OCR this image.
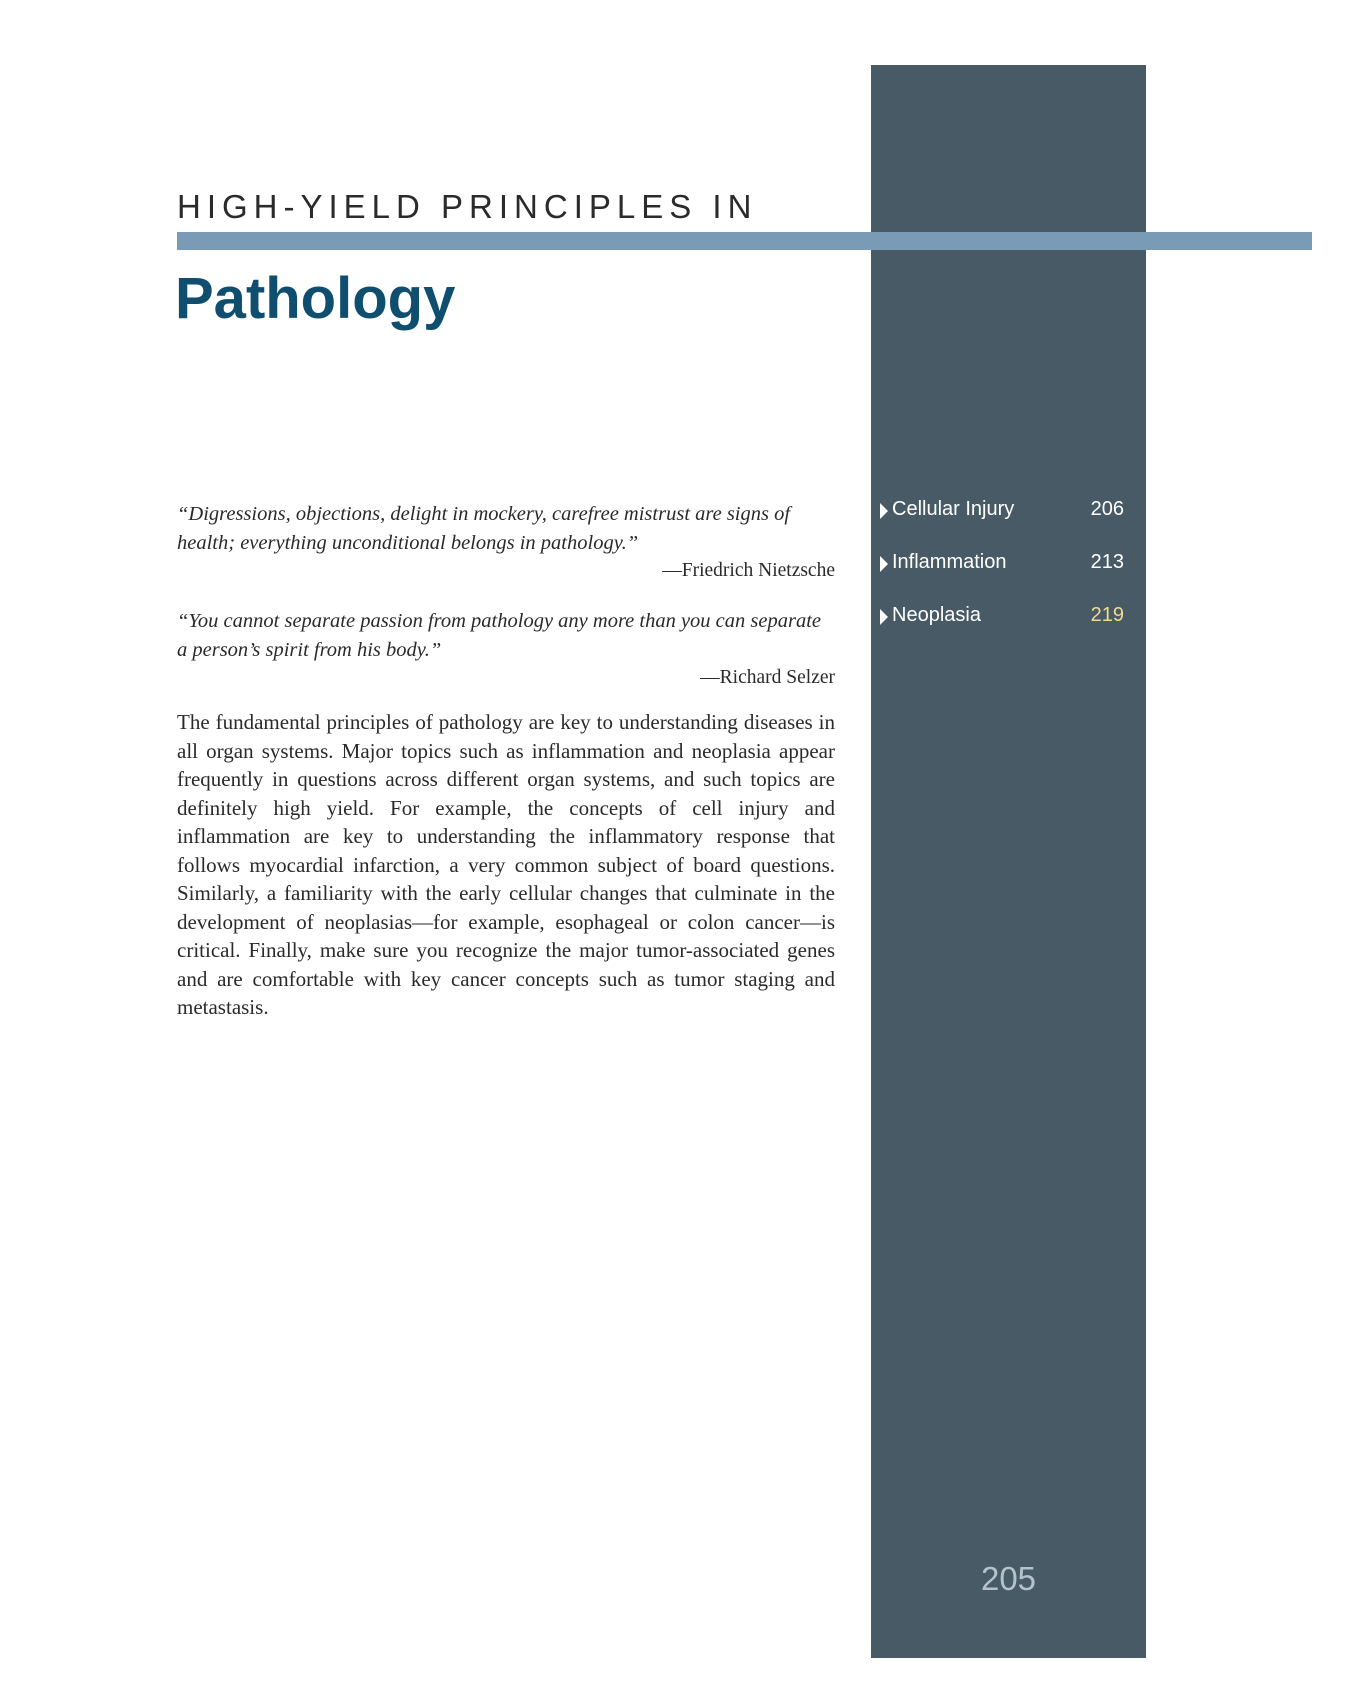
HIGH-YIELD PRINCIPLES IN
Pathology
“Digressions, objections, delight in mockery, carefree mistrust are signs of health; everything unconditional belongs in pathology.”
—Friedrich Nietzsche
“You cannot separate passion from pathology any more than you can separate a person’s spirit from his body.”
—Richard Selzer
The fundamental principles of pathology are key to understanding diseases in all organ systems. Major topics such as inflammation and neoplasia appear frequently in questions across different organ systems, and such topics are definitely high yield. For example, the concepts of cell injury and inflammation are key to understanding the inflammatory response that follows myocardial infarction, a very common subject of board questions. Similarly, a familiarity with the early cellular changes that culminate in the development of neoplasias—for example, esophageal or colon cancer—is critical. Finally, make sure you recognize the major tumor-associated genes and are comfortable with key cancer concepts such as tumor staging and metastasis.
Cellular Injury	206
Inflammation	213
Neoplasia	219
205
